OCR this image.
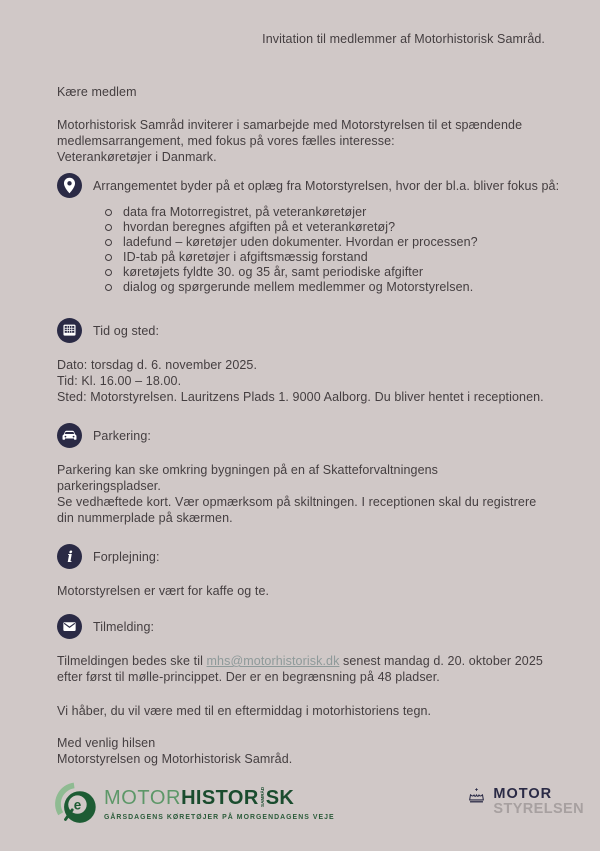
Invitation til medlemmer af Motorhistorisk Samråd.
Kære medlem
Motorhistorisk Samråd inviterer i samarbejde med Motorstyrelsen til et spændende
medlemsarrangement, med fokus på vores fælles interesse:
Veterankøretøjer i Danmark.
Arrangementet byder på et oplæg fra Motorstyrelsen, hvor der bl.a. bliver fokus på:
data fra Motorregistret, på veterankøretøjer
hvordan beregnes afgiften på et veterankøretøj?
ladefund – køretøjer uden dokumenter. Hvordan er processen?
ID-tab på køretøjer i afgiftsmæssig forstand
køretøjets fyldte 30. og 35 år, samt periodiske afgifter
dialog og spørgerunde mellem medlemmer og Motorstyrelsen.
Tid og sted:
Dato: torsdag d. 6. november 2025.
Tid: Kl. 16.00 – 18.00.
Sted: Motorstyrelsen. Lauritzens Plads 1. 9000 Aalborg. Du bliver hentet i receptionen.
Parkering:
Parkering kan ske omkring bygningen på en af Skatteforvaltningens parkeringspladser.
Se vedhæftede kort. Vær opmærksom på skiltningen. I receptionen skal du registrere
din nummerplade på skærmen.
i Forplejning:
Motorstyrelsen er vært for kaffe og te.
Tilmelding:
Tilmeldingen bedes ske til mhs@motorhistorisk.dk senest mandag d. 20. oktober 2025
efter først til mølle-princippet. Der er en begrænsning på 48 pladser.
Vi håber, du vil være med til en eftermiddag i motorhistoriens tegn.
Med venlig hilsen
Motorstyrelsen og Motorhistorisk Samråd.
e MOTOR HISTOR SAMRÅD SK
GÅRSDAGENS KØRETØJER PÅ MORGENDAGENS VEJE
MOTOR
STYRELSEN
